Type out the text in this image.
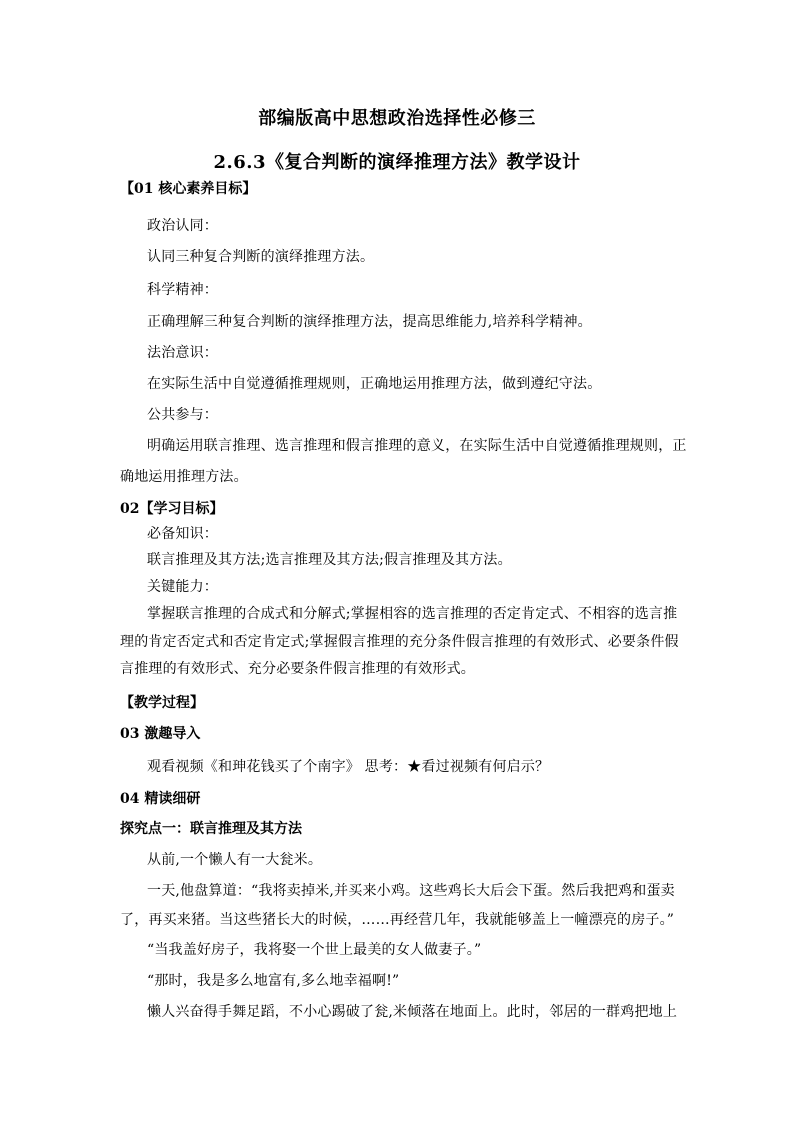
部编版高中思想政治选择性必修三
2.6.3《复合判断的演绎推理方法》教学设计
【01 核心素养目标】
政治认同：
认同三种复合判断的演绎推理方法。
科学精神：
正确理解三种复合判断的演绎推理方法，提高思维能力,培养科学精神。
法治意识：
在实际生活中自觉遵循推理规则，正确地运用推理方法，做到遵纪守法。
公共参与：
明确运用联言推理、选言推理和假言推理的意义，在实际生活中自觉遵循推理规则，正
确地运用推理方法。
02【学习目标】
必备知识：
联言推理及其方法;选言推理及其方法;假言推理及其方法。
关键能力：
掌握联言推理的合成式和分解式;掌握相容的选言推理的否定肯定式、不相容的选言推
理的肯定否定式和否定肯定式;掌握假言推理的充分条件假言推理的有效形式、必要条件假
言推理的有效形式、充分必要条件假言推理的有效形式。
【教学过程】
03 激趣导入
观看视频《和珅花钱买了个南字》 思考：★看过视频有何启示？
04 精读细研
探究点一：联言推理及其方法
从前,一个懒人有一大瓮米。
一天,他盘算道：“我将卖掉米,并买来小鸡。这些鸡长大后会下蛋。然后我把鸡和蛋卖
了，再买来猪。当这些猪长大的时候，……再经营几年，我就能够盖上一幢漂亮的房子。”
“当我盖好房子，我将娶一个世上最美的女人做妻子。”
“那时，我是多么地富有,多么地幸福啊!”
懒人兴奋得手舞足蹈，不小心踢破了瓮,米倾落在地面上。此时，邻居的一群鸡把地上
